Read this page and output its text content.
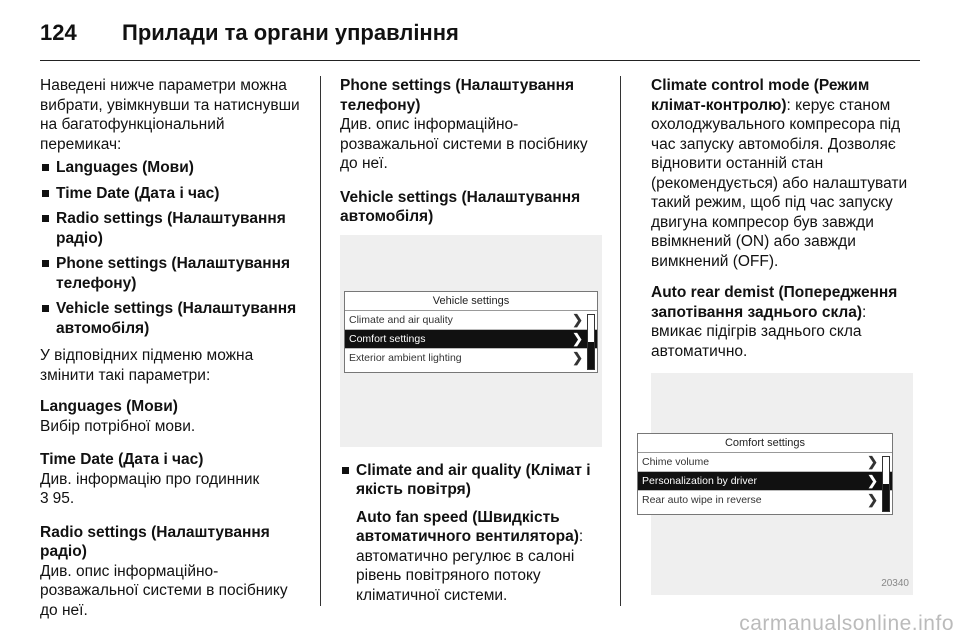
124 Прилади та органи управління

Наведені нижче параметри можна вибрати, увімкнувши та натиснувши на багатофункціональний перемикач:

Languages (Мови)
Time Date (Дата і час)
Radio settings (Налаштування радіо)
Phone settings (Налаштування телефону)
Vehicle settings (Налаштування автомобіля)

У відповідних підменю можна змінити такі параметри:

Languages (Мови)
Вибір потрібної мови.
Time Date (Дата і час)
Див. інформацію про годинник
3 95.
Radio settings (Налаштування радіо)
Див. опис інформаційно-розважальної системи в посібнику до неї.
Phone settings (Налаштування телефону)
Див. опис інформаційно-розважальної системи в посібнику до неї.
Vehicle settings (Налаштування автомобіля)
Vehicle settings
Climate and air quality	❯
Comfort settings	❯
Exterior ambient lighting	❯
Climate and air quality (Клімат і якість повітря)
Auto fan speed (Швидкість автоматичного вентилятора):
автоматично регулює в салоні рівень повітряного потоку кліматичної системи.

Climate control mode (Режим клімат-контролю): керує станом охолоджувального компресора під час запуску автомобіля. Дозволяє відновити останній стан (рекомендується) або налаштувати такий режим, щоб під час запуску двигуна компресор був завжди ввімкнений (ON) або завжди вимкнений (OFF).

Auto rear demist (Попередження запотівання заднього скла): вмикає підігрів заднього скла автоматично.

Comfort settings
Chime volume	❯
Personalization by driver	❯
Rear auto wipe in reverse	❯
20340
carmanualsonline.info
